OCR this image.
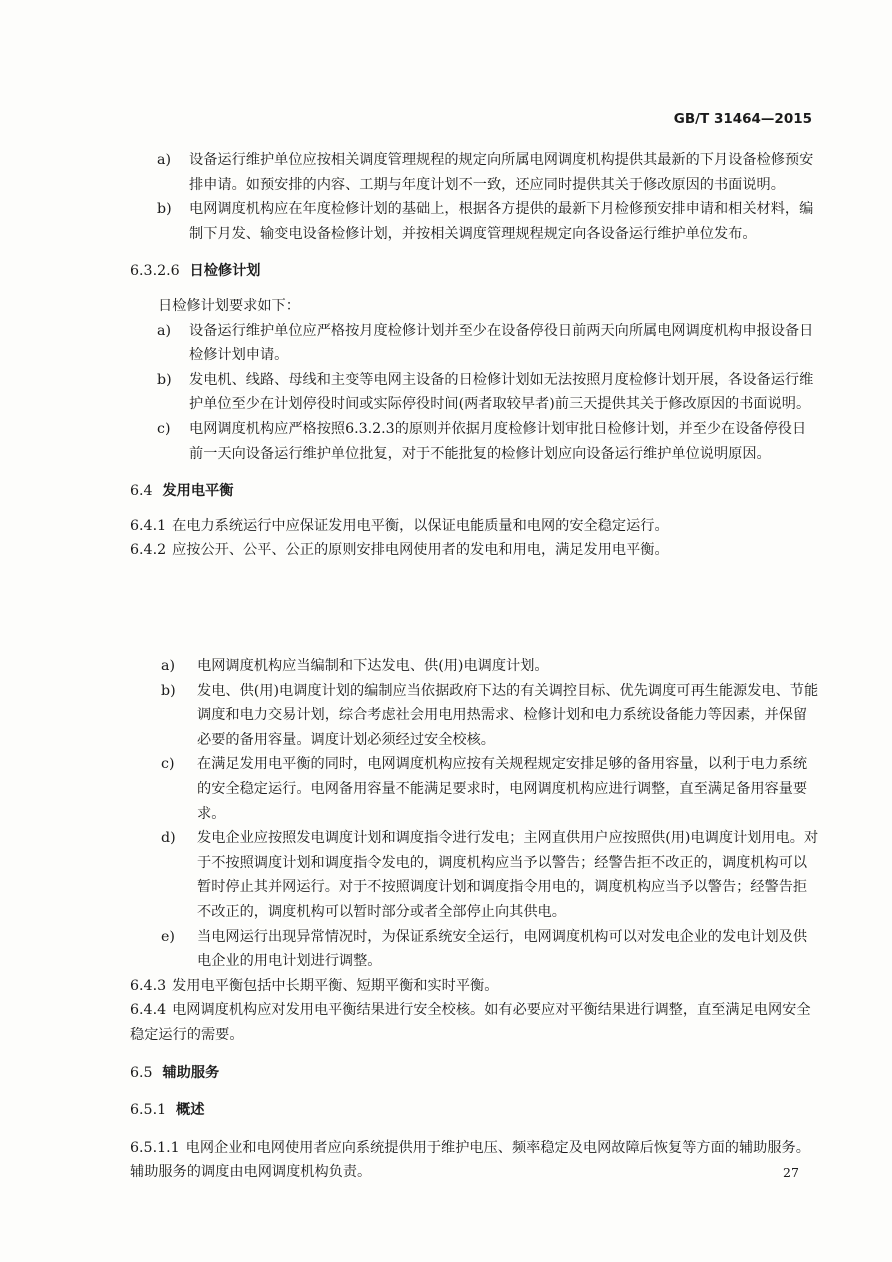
GB/T 31464—2015
a) 设备运行维护单位应按相关调度管理规程的规定向所属电网调度机构提供其最新的下月设备检修预安排申请。如预安排的内容、工期与年度计划不一致，还应同时提供其关于修改原因的书面说明。
b) 电网调度机构应在年度检修计划的基础上，根据各方提供的最新下月检修预安排申请和相关材料，编制下月发、输变电设备检修计划，并按相关调度管理规程规定向各设备运行维护单位发布。
6.3.2.6 日检修计划
日检修计划要求如下：
a) 设备运行维护单位应严格按月度检修计划并至少在设备停役日前两天向所属电网调度机构申报设备日检修计划申请。
b) 发电机、线路、母线和主变等电网主设备的日检修计划如无法按照月度检修计划开展，各设备运行维护单位至少在计划停役时间或实际停役时间(两者取较早者)前三天提供其关于修改原因的书面说明。
c) 电网调度机构应严格按照6.3.2.3的原则并依据月度检修计划审批日检修计划，并至少在设备停役日前一天向设备运行维护单位批复，对于不能批复的检修计划应向设备运行维护单位说明原因。
6.4 发用电平衡
6.4.1 在电力系统运行中应保证发用电平衡，以保证电能质量和电网的安全稳定运行。
6.4.2 应按公开、公平、公正的原则安排电网使用者的发电和用电，满足发用电平衡。
a) 电网调度机构应当编制和下达发电、供(用)电调度计划。
b) 发电、供(用)电调度计划的编制应当依据政府下达的有关调控目标、优先调度可再生能源发电、节能调度和电力交易计划，综合考虑社会用电用热需求、检修计划和电力系统设备能力等因素，并保留必要的备用容量。调度计划必须经过安全校核。
c) 在满足发用电平衡的同时，电网调度机构应按有关规程规定安排足够的备用容量，以利于电力系统的安全稳定运行。电网备用容量不能满足要求时，电网调度机构应进行调整，直至满足备用容量要求。
d) 发电企业应按照发电调度计划和调度指令进行发电；主网直供用户应按照供(用)电调度计划用电。对于不按照调度计划和调度指令发电的，调度机构应当予以警告；经警告拒不改正的，调度机构可以暂时停止其并网运行。对于不按照调度计划和调度指令用电的，调度机构应当予以警告；经警告拒不改正的，调度机构可以暂时部分或者全部停止向其供电。
e) 当电网运行出现异常情况时，为保证系统安全运行，电网调度机构可以对发电企业的发电计划及供电企业的用电计划进行调整。
6.4.3 发用电平衡包括中长期平衡、短期平衡和实时平衡。
6.4.4 电网调度机构应对发用电平衡结果进行安全校核。如有必要应对平衡结果进行调整，直至满足电网安全稳定运行的需要。
6.5 辅助服务
6.5.1 概述
6.5.1.1 电网企业和电网使用者应向系统提供用于维护电压、频率稳定及电网故障后恢复等方面的辅助服务。辅助服务的调度由电网调度机构负责。	27
